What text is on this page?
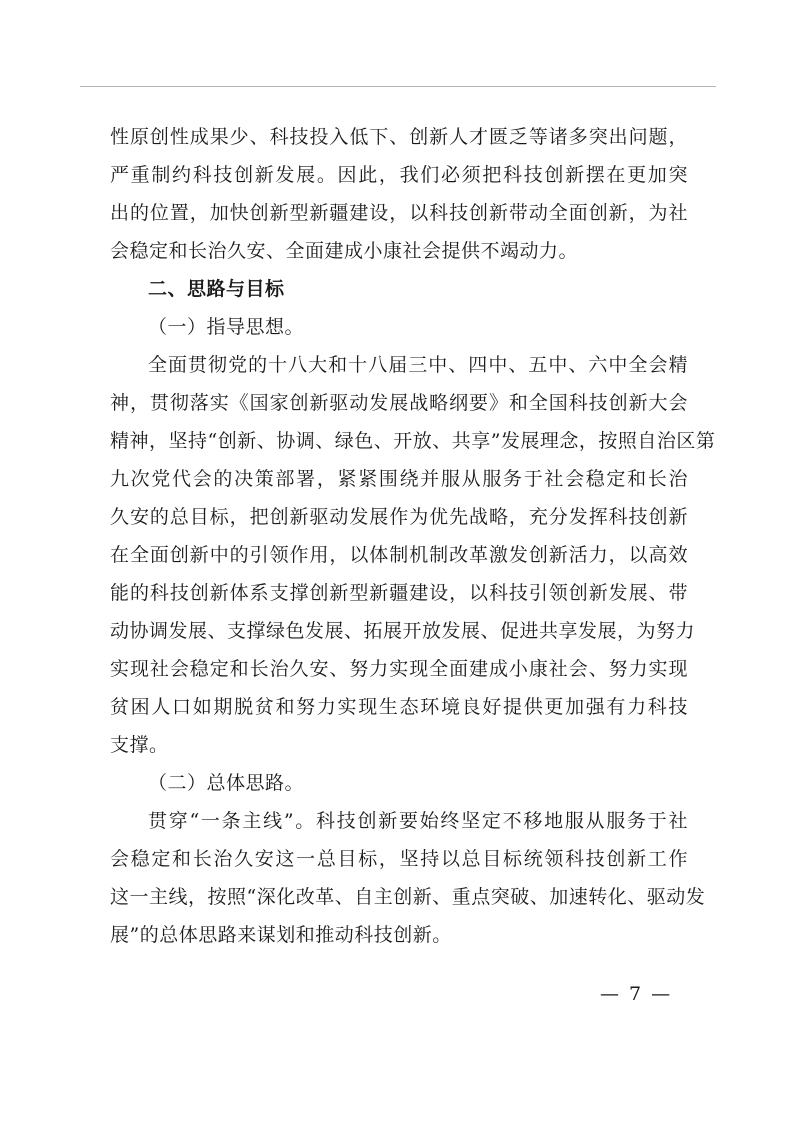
性原创性成果少、科技投入低下、创新人才匮乏等诸多突出问题，
严重制约科技创新发展。因此，我们必须把科技创新摆在更加突
出的位置，加快创新型新疆建设，以科技创新带动全面创新，为社
会稳定和长治久安、全面建成小康社会提供不竭动力。
二、思路与目标
（一）指导思想。
全面贯彻党的十八大和十八届三中、四中、五中、六中全会精
神，贯彻落实《国家创新驱动发展战略纲要》和全国科技创新大会
精神，坚持“创新、协调、绿色、开放、共享”发展理念，按照自治区第
九次党代会的决策部署，紧紧围绕并服从服务于社会稳定和长治
久安的总目标，把创新驱动发展作为优先战略，充分发挥科技创新
在全面创新中的引领作用，以体制机制改革激发创新活力，以高效
能的科技创新体系支撑创新型新疆建设，以科技引领创新发展、带
动协调发展、支撑绿色发展、拓展开放发展、促进共享发展，为努力
实现社会稳定和长治久安、努力实现全面建成小康社会、努力实现
贫困人口如期脱贫和努力实现生态环境良好提供更加强有力科技
支撑。
（二）总体思路。
贯穿“一条主线”。科技创新要始终坚定不移地服从服务于社
会稳定和长治久安这一总目标，坚持以总目标统领科技创新工作
这一主线，按照“深化改革、自主创新、重点突破、加速转化、驱动发
展”的总体思路来谋划和推动科技创新。
— 7 —
